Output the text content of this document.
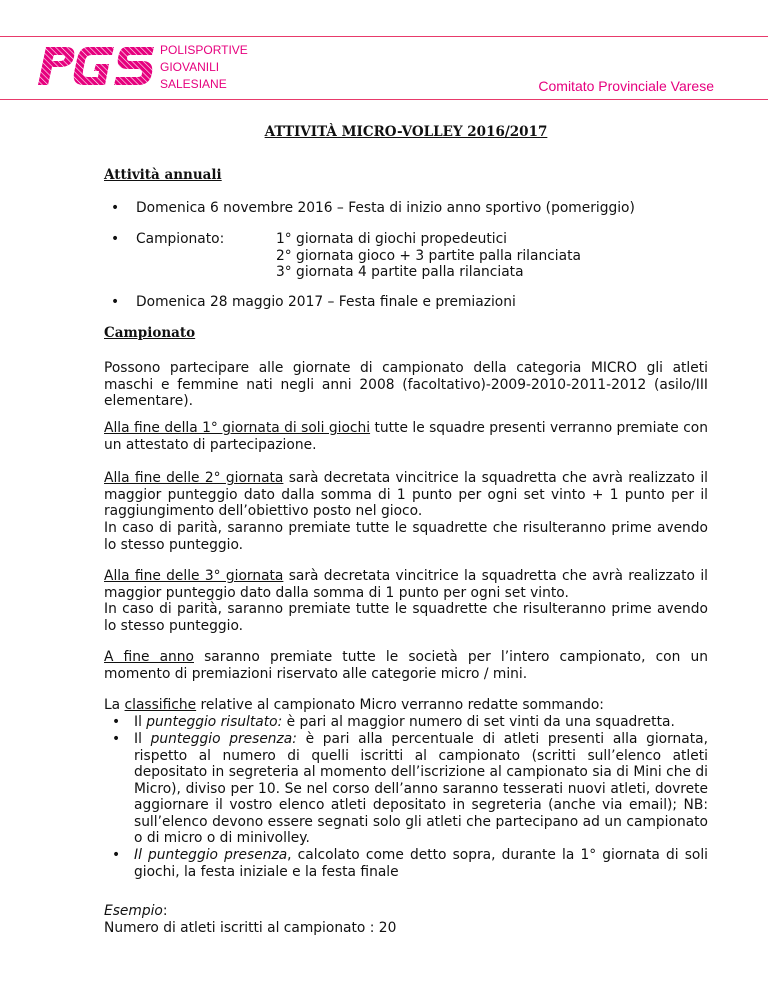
PGS	POLISPORTIVE
GIOVANILI
SALESIANE	Comitato Provinciale Varese
ATTIVITÀ MICRO-VOLLEY 2016/2017
Attività annuali
• Domenica 6 novembre 2016 – Festa di inizio anno sportivo (pomeriggio)
• Campionato:	1° giornata di giochi propedeutici
2° giornata gioco + 3 partite palla rilanciata
3° giornata 4 partite palla rilanciata
• Domenica 28 maggio 2017 – Festa finale e premiazioni
Campionato

Possono partecipare alle giornate di campionato della categoria MICRO gli atleti maschi e femmine nati negli anni 2008 (facoltativo)-2009-2010-2011-2012 (asilo/III elementare).

Alla fine della 1° giornata di soli giochi tutte le squadre presenti verranno premiate con un attestato di partecipazione.

Alla fine delle 2° giornata sarà decretata vincitrice la squadretta che avrà realizzato il maggior punteggio dato dalla somma di 1 punto per ogni set vinto + 1 punto per il raggiungimento dell’obiettivo posto nel gioco.

In caso di parità, saranno premiate tutte le squadrette che risulteranno prime avendo lo stesso punteggio.

Alla fine delle 3° giornata sarà decretata vincitrice la squadretta che avrà realizzato il maggior punteggio dato dalla somma di 1 punto per ogni set vinto.

In caso di parità, saranno premiate tutte le squadrette che risulteranno prime avendo lo stesso punteggio.

A fine anno saranno premiate tutte le società per l’intero campionato, con un momento di premiazioni riservato alle categorie micro / mini.

La classifiche relative al campionato Micro verranno redatte sommando:

• Il punteggio risultato: è pari al maggior numero di set vinti da una squadretta.

• Il punteggio presenza: è pari alla percentuale di atleti presenti alla giornata, rispetto al numero di quelli iscritti al campionato (scritti sull’elenco atleti depositato in segreteria al momento dell’iscrizione al campionato sia di Mini che di Micro), diviso per 10. Se nel corso dell’anno saranno tesserati nuovi atleti, dovrete aggiornare il vostro elenco atleti depositato in segreteria (anche via email); NB: sull’elenco devono essere segnati solo gli atleti che partecipano ad un campionato o di micro o di minivolley.

• Il punteggio presenza, calcolato come detto sopra, durante la 1° giornata di soli giochi, la festa iniziale e la festa finale

Esempio:

Numero di atleti iscritti al campionato : 20
